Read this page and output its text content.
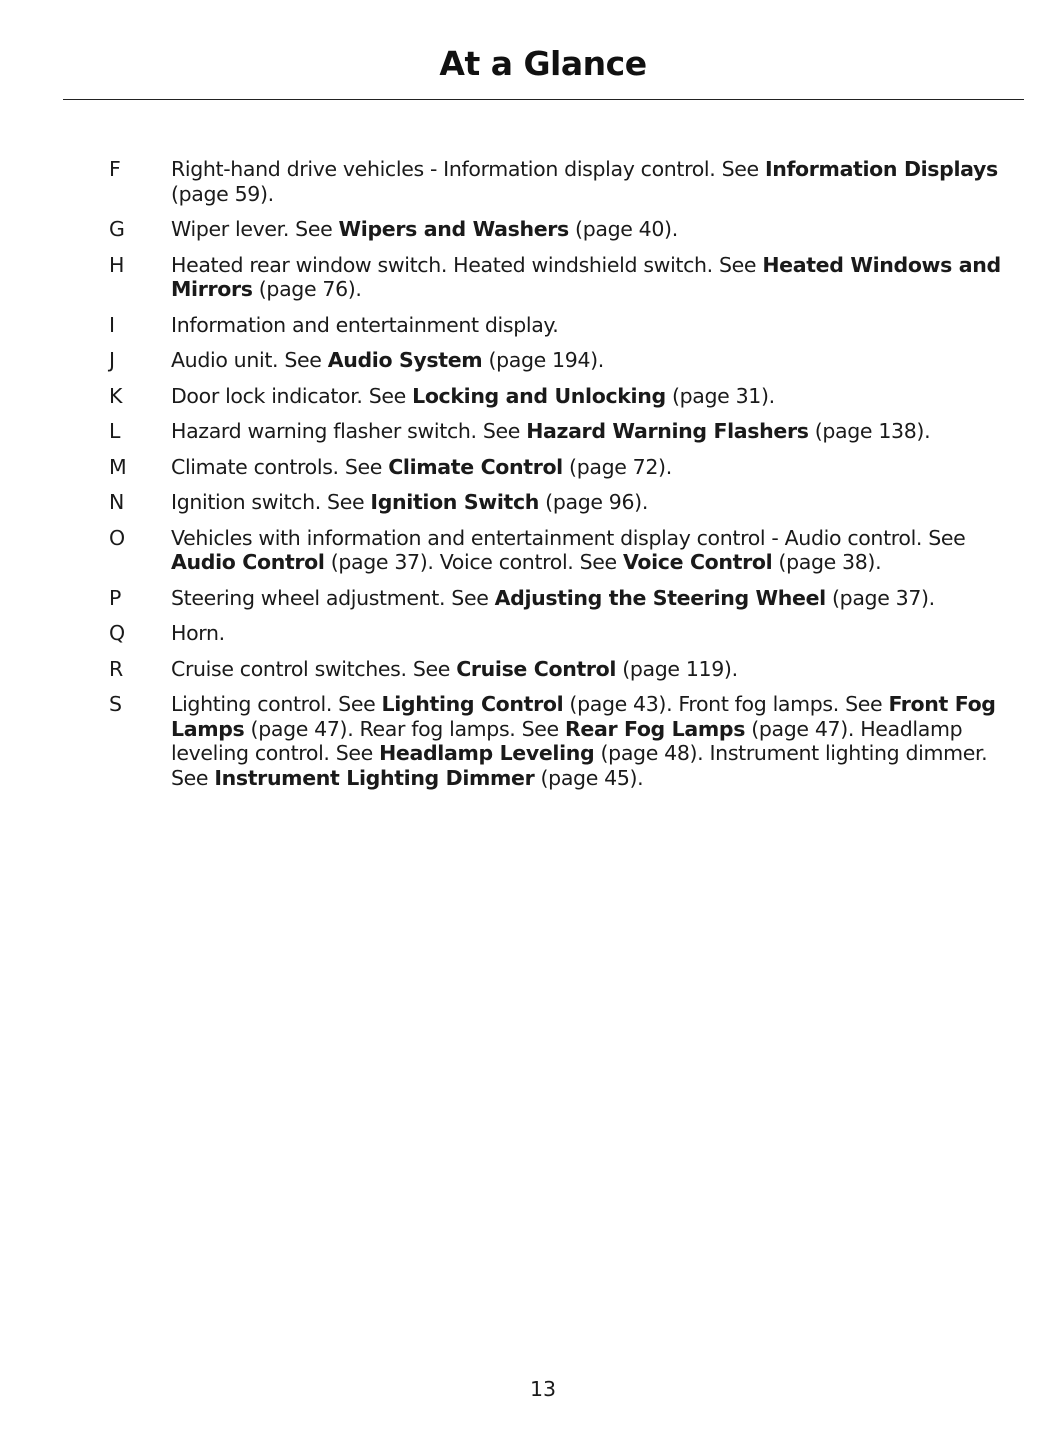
At a Glance
F	Right-hand drive vehicles - Information display control. See Information Displays (page 59).
G	Wiper lever. See Wipers and Washers (page 40).
H	Heated rear window switch. Heated windshield switch. See Heated Windows and Mirrors (page 76).
I	Information and entertainment display.
J	Audio unit. See Audio System (page 194).
K	Door lock indicator. See Locking and Unlocking (page 31).
L	Hazard warning flasher switch. See Hazard Warning Flashers (page 138).
M	Climate controls. See Climate Control (page 72).
N	Ignition switch. See Ignition Switch (page 96).
O	Vehicles with information and entertainment display control - Audio control. See Audio Control (page 37). Voice control. See Voice Control (page 38).
P	Steering wheel adjustment. See Adjusting the Steering Wheel (page 37).
Q	Horn.
R	Cruise control switches. See Cruise Control (page 119).
S	Lighting control. See Lighting Control (page 43). Front fog lamps. See Front Fog Lamps (page 47). Rear fog lamps. See Rear Fog Lamps (page 47). Headlamp leveling control. See Headlamp Leveling (page 48). Instrument lighting dimmer. See Instrument Lighting Dimmer (page 45).
13
